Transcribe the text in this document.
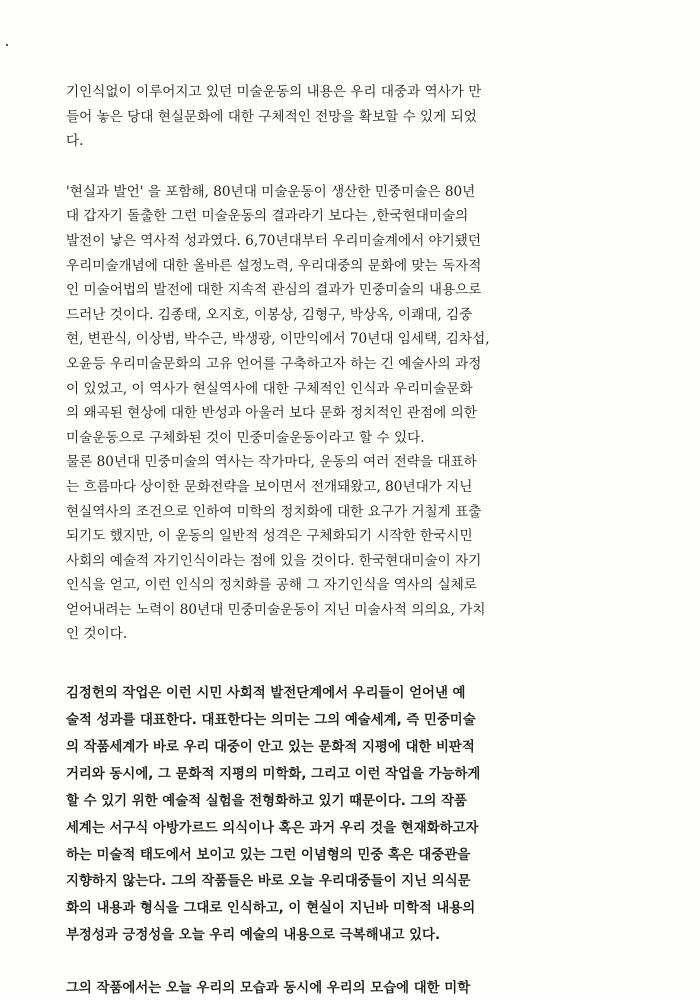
기인식없이 이루어지고 있던 미술운동의 내용은 우리 대중과 역사가 만
들어 놓은 당대 현실문화에 대한 구체적인 전망을 확보할 수 있게 되었
다.

'현실과 발언' 을 포함해, 80년대 미술운동이 생산한 민중미술은 80년
대 갑자기 돌출한 그런 미술운동의 결과라기 보다는 ,한국현대미술의
발전이 낳은 역사적 성과였다. 6,70년대부터 우리미술계에서 야기됐던
우리미술개념에 대한 올바른 설정노력, 우리대중의 문화에 맞는 독자적
인 미술어법의 발전에 대한 지속적 관심의 결과가 민중미술의 내용으로
드러난 것이다. 김종태, 오지호, 이봉상, 김형구, 박상옥, 이쾌대, 김중
현, 변관식, 이상범, 박수근, 박생광, 이만익에서 70년대 임세택, 김차섭,
오윤등 우리미술문화의 고유 언어를 구축하고자 하는 긴 예술사의 과정
이 있었고, 이 역사가 현실역사에 대한 구체적인 인식과 우리미술문화
의 왜곡된 현상에 대한 반성과 아울러 보다 문화 정치적인 관점에 의한
미술운동으로 구체화된 것이 민중미술운동이라고 할 수 있다.

물론 80년대 민중미술의 역사는 작가마다, 운동의 여러 전략을 대표하
는 흐름마다 상이한 문화전략을 보이면서 전개돼왔고, 80년대가 지닌
현실역사의 조건으로 인하여 미학의 정치화에 대한 요구가 거칠게 표출
되기도 했지만, 이 운동의 일반적 성격은 구체화되기 시작한 한국시민
사회의 예술적 자기인식이라는 점에 있을 것이다. 한국현대미술이 자기
인식을 얻고, 이런 인식의 정치화를 공해 그 자기인식을 역사의 실체로
얻어내려는 노력이 80년대 민중미술운동이 지닌 미술사적 의의요, 가치
인 것이다.

김정헌의 작업은 이런 시민 사회적 발전단계에서 우리들이 얻어낸 예
술적 성과를 대표한다. 대표한다는 의미는 그의 예술세계, 즉 민중미술
의 작품세계가 바로 우리 대중이 안고 있는 문화적 지평에 대한 비판적
거리와 동시에, 그 문화적 지평의 미학화, 그리고 이런 작업을 가능하게
할 수 있기 위한 예술적 실험을 전형화하고 있기 때문이다. 그의 작품
세계는 서구식 아방가르드 의식이나 혹은 과거 우리 것을 현재화하고자
하는 미술적 태도에서 보이고 있는 그런 이념형의 민중 혹은 대중관을
지향하지 않는다. 그의 작품들은 바로 오늘 우리대중들이 지닌 의식문
화의 내용과 형식을 그대로 인식하고, 이 현실이 지닌바 미학적 내용의
부정성과 긍정성을 오늘 우리 예술의 내용으로 극복해내고 있다.

그의 작품에서는 오늘 우리의 모습과 동시에 우리의 모습에 대한 미학
